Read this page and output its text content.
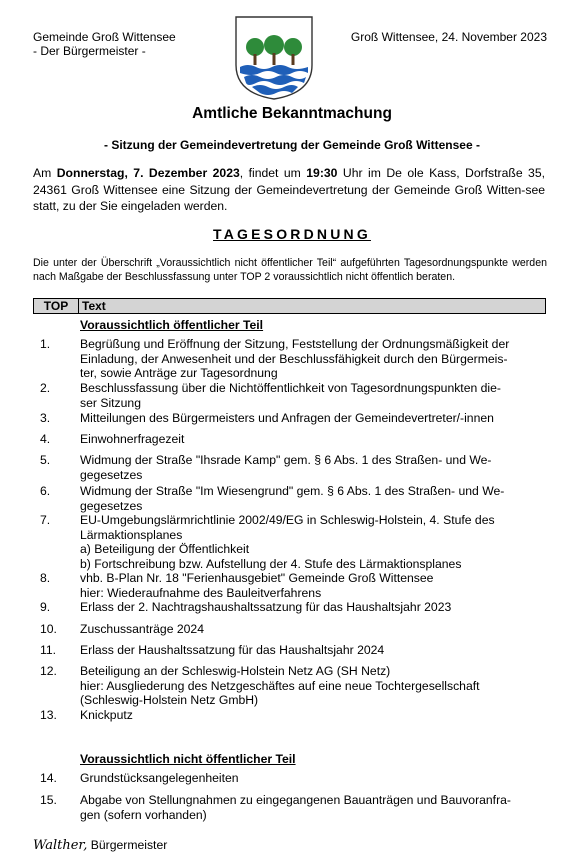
Gemeinde Groß Wittensee
- Der Bürgermeister -
Groß Wittensee, 24. November 2023
Amtliche Bekanntmachung
- Sitzung der Gemeindevertretung der Gemeinde Groß Wittensee -
Am Donnerstag, 7. Dezember 2023, findet um 19:30 Uhr im De ole Kass, Dorfstraße 35, 24361 Groß Wittensee eine Sitzung der Gemeindevertretung der Gemeinde Groß Witten-see statt, zu der Sie eingeladen werden.
TAGESORDNUNG
Die unter der Überschrift „Voraussichtlich nicht öffentlicher Teil“ aufgeführten Tagesordnungspunkte werden nach Maßgabe der Beschlussfassung unter TOP 2 voraussichtlich nicht öffentlich beraten.
TOP	Text
Voraussichtlich öffentlicher Teil
Voraussichtlich nicht öffentlicher Teil
1. Begrüßung und Eröffnung der Sitzung, Feststellung der Ordnungsmäßigkeit der
Einladung, der Anwesenheit und der Beschlussfähigkeit durch den Bürgermeis-
ter, sowie Anträge zur Tagesordnung
2. Beschlussfassung über die Nichtöffentlichkeit von Tagesordnungspunkten die-
ser Sitzung
3. Mitteilungen des Bürgermeisters und Anfragen der Gemeindevertreter/-innen
4. Einwohnerfragezeit
5. Widmung der Straße "Ihsrade Kamp" gem. § 6 Abs. 1 des Straßen- und We-
gegesetzes
6. Widmung der Straße "Im Wiesengrund" gem. § 6 Abs. 1 des Straßen- und We-
gegesetzes
7. EU-Umgebungslärmrichtlinie 2002/49/EG in Schleswig-Holstein, 4. Stufe des
Lärmaktionsplanes
a) Beteiligung der Öffentlichkeit
b) Fortschreibung bzw. Aufstellung der 4. Stufe des Lärmaktionsplanes
8. vhb. B-Plan Nr. 18 "Ferienhausgebiet" Gemeinde Groß Wittensee
hier: Wiederaufnahme des Bauleitverfahrens
9. Erlass der 2. Nachtragshaushaltssatzung für das Haushaltsjahr 2023
10. Zuschussanträge 2024
11. Erlass der Haushaltssatzung für das Haushaltsjahr 2024
12. Beteiligung an der Schleswig-Holstein Netz AG (SH Netz)
hier: Ausgliederung des Netzgeschäftes auf eine neue Tochtergesellschaft
(Schleswig-Holstein Netz GmbH)
13. Knickputz
14. Grundstücksangelegenheiten
15. Abgabe von Stellungnahmen zu eingegangenen Bauanträgen und Bauvoranfra-
gen (sofern vorhanden)
Walther, Bürgermeister
